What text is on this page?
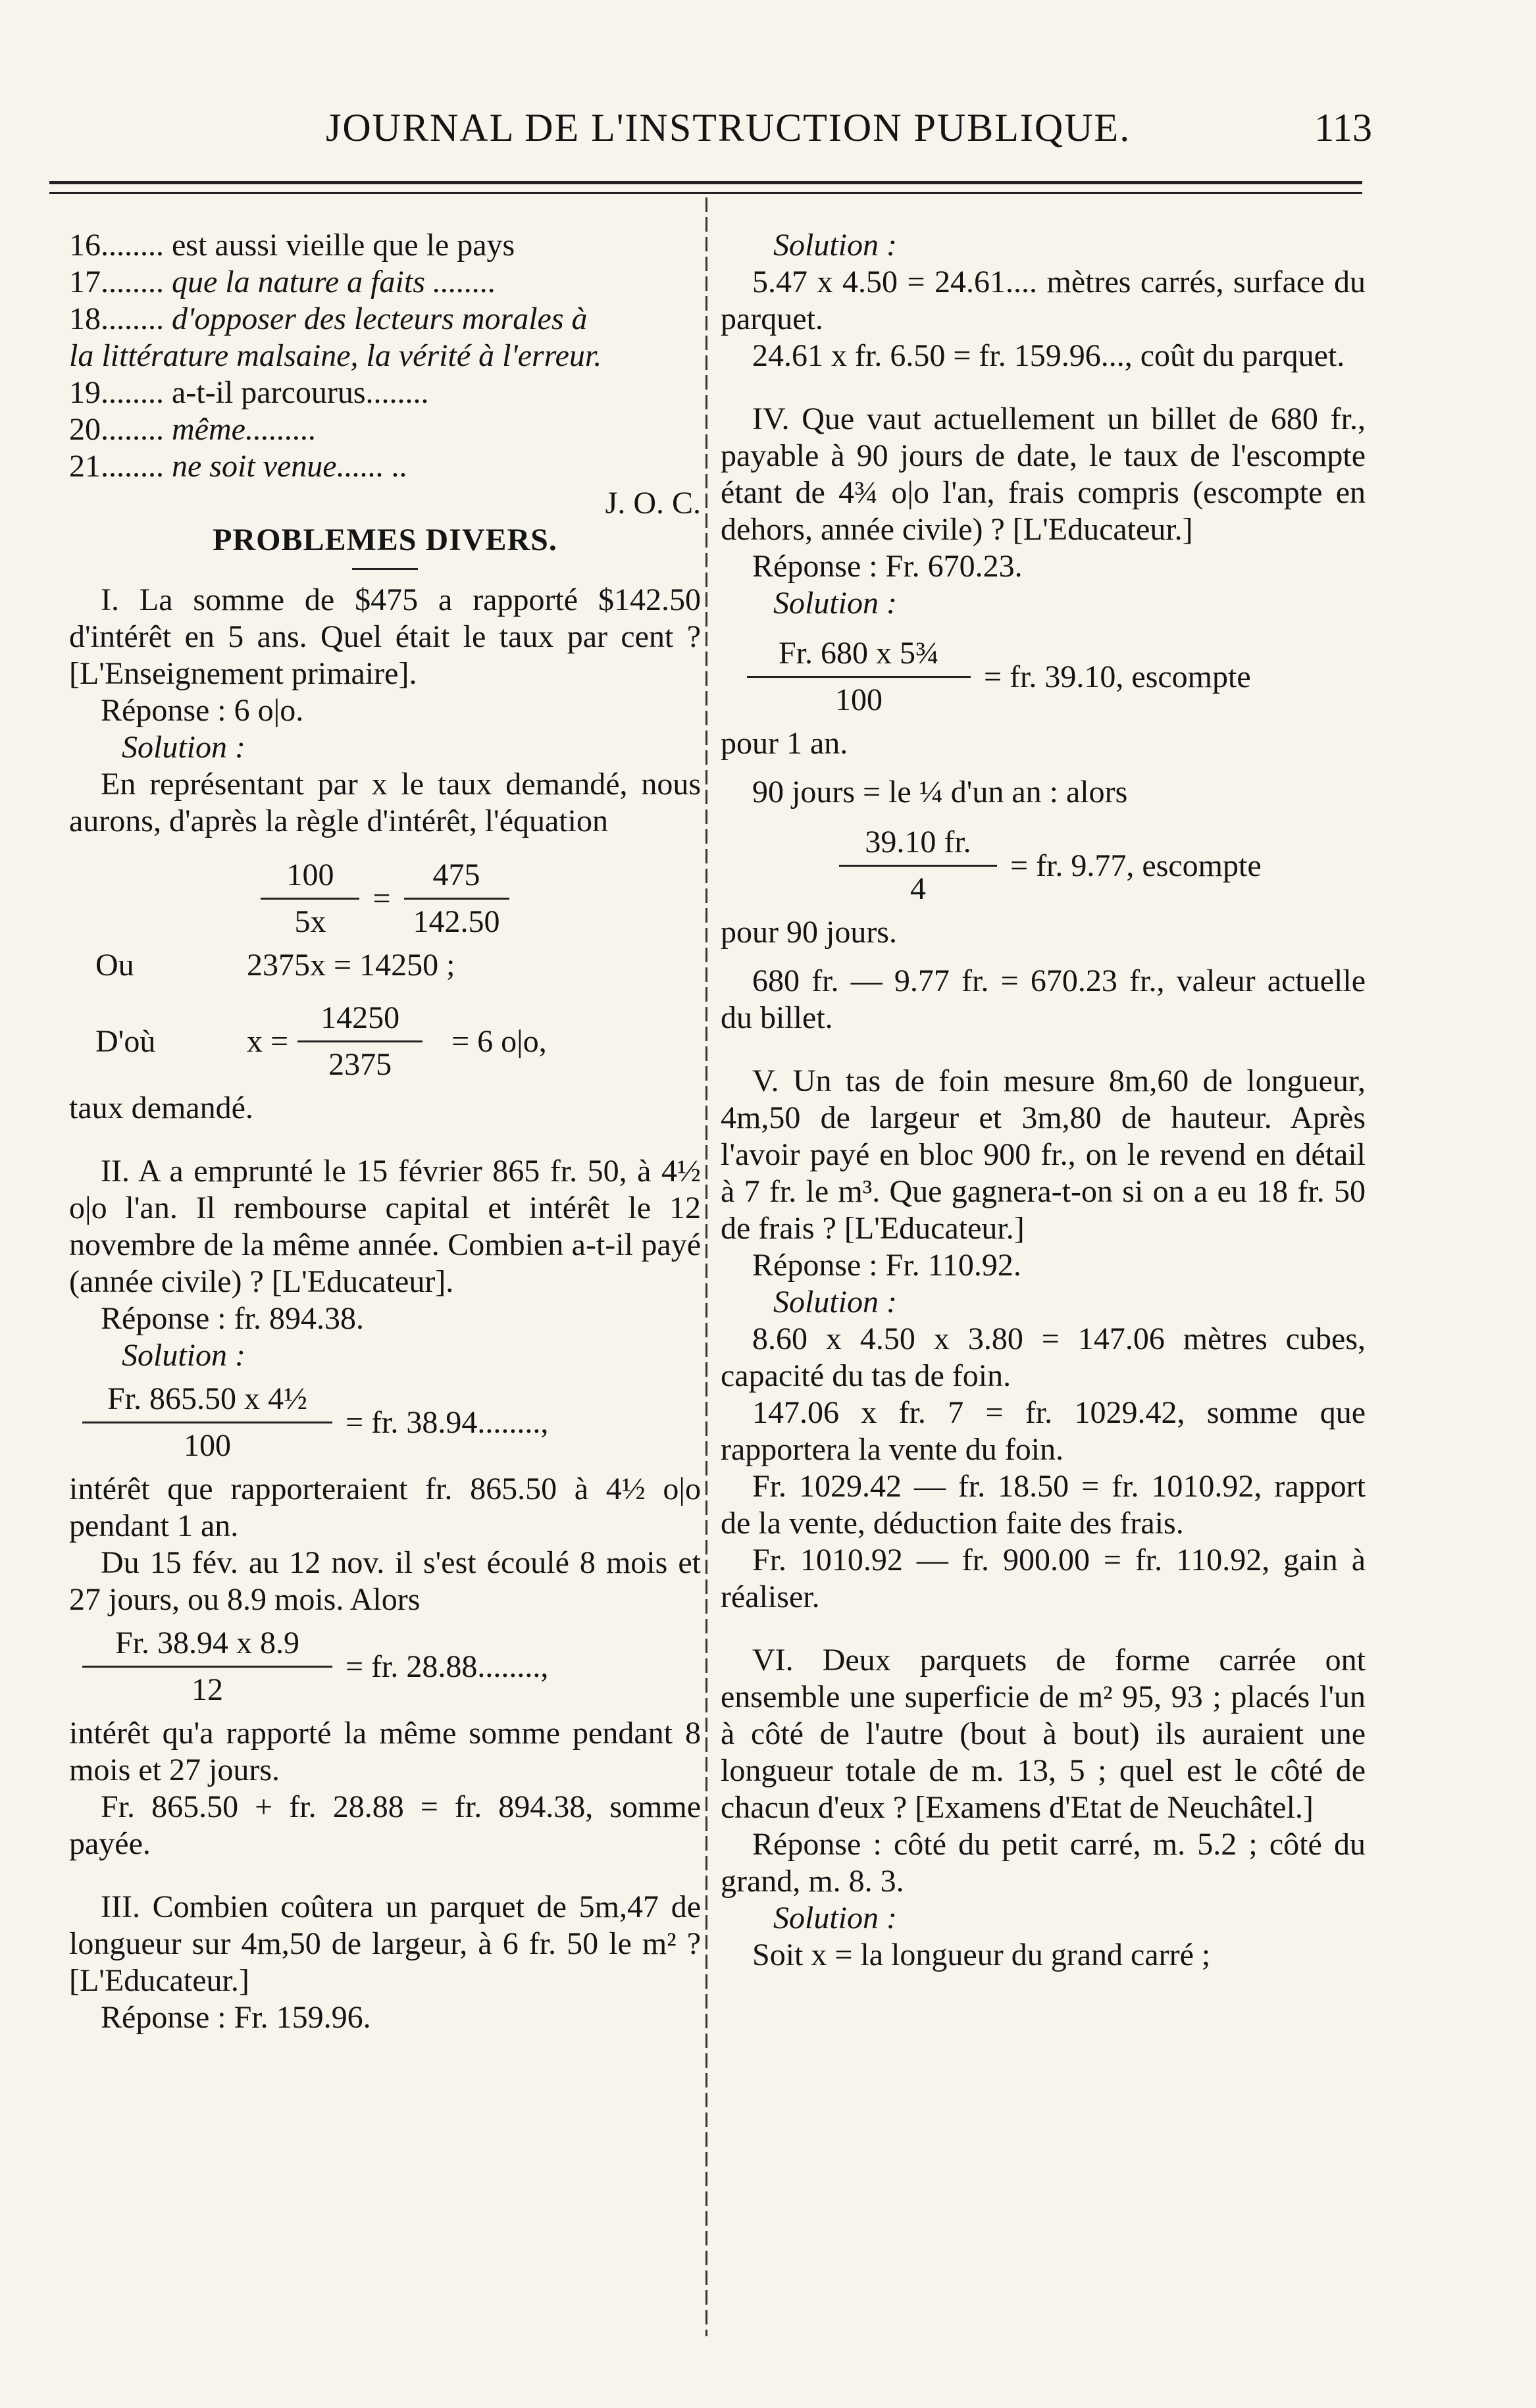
JOURNAL DE L'INSTRUCTION PUBLIQUE.	113

16........ est aussi vieille que le pays

17........ que la nature a faits ........

18........ d'opposer des lecteurs morales à

la littérature malsaine, la vérité à l'erreur.

19........ a-t-il parcourus........

20........ même.........

21........ ne soit venue...... ..

J. O. C.

PROBLEMES DIVERS.

I. La somme de $475 a rapporté $142.50 d'intérêt en 5 ans. Quel était le taux par cent ? [L'Enseignement primaire].

Réponse : 6 o|o.

Solution :

En représentant par x le taux demandé, nous aurons, d'après la règle d'intérêt, l'équation

$\frac{100}{5x} = \frac{475}{142.50}$
Ou	2375x = 14250 ;
D'où	$x = \frac{14250}{2375} = 6$ o|o,

taux demandé.

II. A a emprunté le 15 février 865 fr. 50, à 4½ o|o l'an. Il rembourse capital et intérêt le 12 novembre de la même année. Combien a-t-il payé (année civile) ? [L'Educateur].

Réponse : fr. 894.38.

Solution :

$\frac{\text{Fr. 865.50 x 4½}}{100}$ = fr. 38.94........,

intérêt que rapporteraient fr. 865.50 à 4½ o|o pendant 1 an.

Du 15 fév. au 12 nov. il s'est écoulé 8 mois et 27 jours, ou 8.9 mois. Alors

$\frac{Fr. 38.94 x 8.9}{12}$ = fr. 28.88........,

intérêt qu'a rapporté la même somme pendant 8 mois et 27 jours.

Fr. 865.50 + fr. 28.88 = fr. 894.38, somme payée.

III. Combien coûtera un parquet de 5m,47 de longueur sur 4m,50 de largeur, à 6 fr. 50 le m² ? [L'Educateur.]

Réponse : Fr. 159.96.

Solution :

5.47 x 4.50 = 24.61.... mètres carrés, surface du parquet.

24.61 x fr. 6.50 = fr. 159.96..., coût du parquet.

IV. Que vaut actuellement un billet de 680 fr., payable à 90 jours de date, le taux de l'escompte étant de 4¾ o|o l'an, frais compris (escompte en dehors, année civile) ? [L'Educateur.]

Réponse : Fr. 670.23.

Solution :

$\frac{\text{Fr. 680 x 5¾}}{100}$ = fr. 39.10, escompte

pour 1 an.

90 jours = le ¼ d'un an : alors

$\frac{39.10 fr.}{4}$ = fr. 9.77, escompte

pour 90 jours.

680 fr. — 9.77 fr. = 670.23 fr., valeur actuelle du billet.

V. Un tas de foin mesure 8m,60 de longueur, 4m,50 de largeur et 3m,80 de hauteur. Après l'avoir payé en bloc 900 fr., on le revend en détail à 7 fr. le m³. Que gagnera-t-on si on a eu 18 fr. 50 de frais ? [L'Educateur.]

Réponse : Fr. 110.92.

Solution :

8.60 x 4.50 x 3.80 = 147.06 mètres cubes, capacité du tas de foin.

147.06 x fr. 7 = fr. 1029.42, somme que rapportera la vente du foin.

Fr. 1029.42 — fr. 18.50 = fr. 1010.92, rapport de la vente, déduction faite des frais.

Fr. 1010.92 — fr. 900.00 = fr. 110.92, gain à réaliser.

VI. Deux parquets de forme carrée ont ensemble une superficie de m² 95, 93 ; placés l'un à côté de l'autre (bout à bout) ils auraient une longueur totale de m. 13, 5 ; quel est le côté de chacun d'eux ? [Examens d'Etat de Neuchâtel.]

Réponse : côté du petit carré, m. 5.2 ; côté du grand, m. 8. 3.

Solution :

Soit x = la longueur du grand carré ;
